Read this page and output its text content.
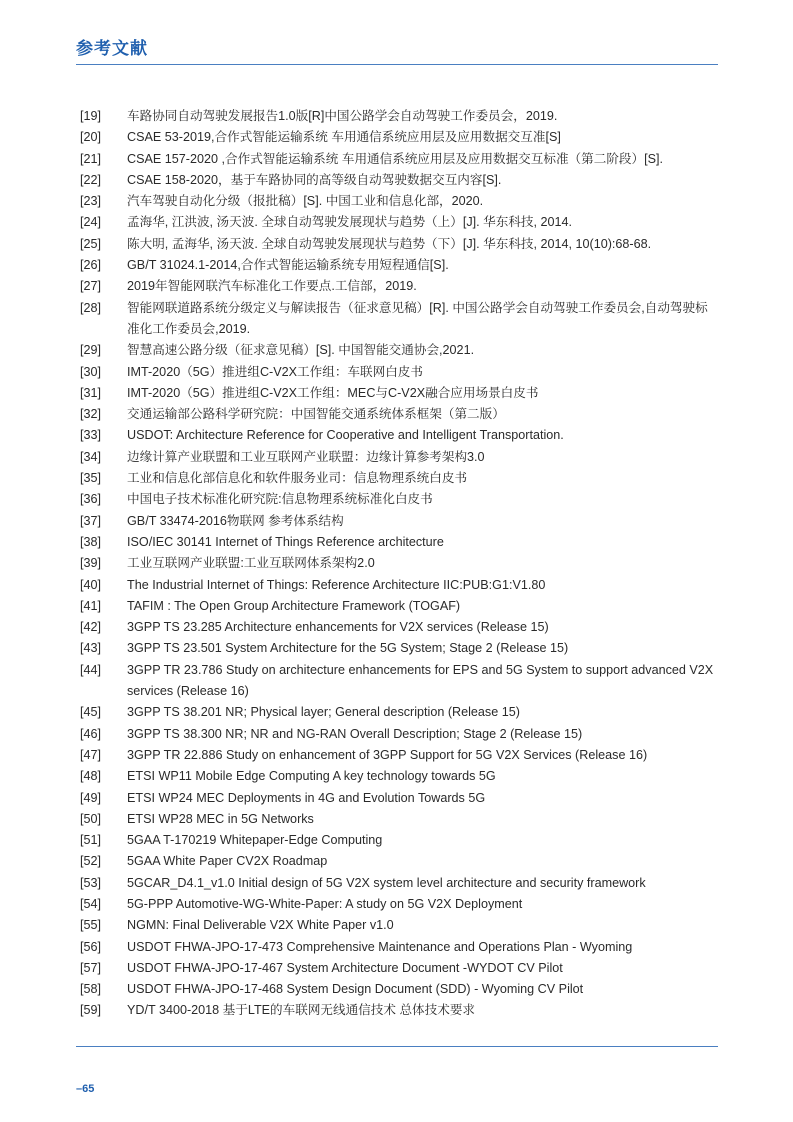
参考文献
[19]	车路协同自动驾驶发展报告1.0版[R]中国公路学会自动驾驶工作委员会，2019.
[20]	CSAE 53-2019,合作式智能运输系统 车用通信系统应用层及应用数据交互准[S]
[21]	CSAE 157-2020 ,合作式智能运输系统 车用通信系统应用层及应用数据交互标准（第二阶段）[S].
[22]	CSAE 158-2020，基于车路协同的高等级自动驾驶数据交互内容[S].
[23]	汽车驾驶自动化分级（报批稿）[S]. 中国工业和信息化部，2020.
[24]	孟海华, 江洪波, 汤天波. 全球自动驾驶发展现状与趋势（上）[J]. 华东科技, 2014.
[25]	陈大明, 孟海华, 汤天波. 全球自动驾驶发展现状与趋势（下）[J]. 华东科技, 2014, 10(10):68-68.
[26]	GB/T 31024.1-2014,合作式智能运输系统专用短程通信[S].
[27]	2019年智能网联汽车标准化工作要点.工信部，2019.
[28]	智能网联道路系统分级定义与解读报告（征求意见稿）[R]. 中国公路学会自动驾驶工作委员会,自动驾驶标准化工作委员会,2019.
[29]	智慧高速公路分级（征求意见稿）[S]. 中国智能交通协会,2021.
[30]	IMT-2020（5G）推进组C-V2X工作组：车联网白皮书
[31]	IMT-2020（5G）推进组C-V2X工作组：MEC与C-V2X融合应用场景白皮书
[32]	交通运输部公路科学研究院：中国智能交通系统体系框架（第二版）
[33]	USDOT: Architecture Reference for Cooperative and Intelligent Transportation.
[34]	边缘计算产业联盟和工业互联网产业联盟：边缘计算参考架构3.0
[35]	工业和信息化部信息化和软件服务业司：信息物理系统白皮书
[36]	中国电子技术标准化研究院:信息物理系统标准化白皮书
[37]	GB/T 33474-2016物联网 参考体系结构
[38]	ISO/IEC 30141 Internet of Things Reference architecture
[39]	工业互联网产业联盟:工业互联网体系架构2.0
[40]	The Industrial Internet of Things: Reference Architecture IIC:PUB:G1:V1.80
[41]	TAFIM : The Open Group Architecture Framework (TOGAF)
[42]	3GPP TS 23.285 Architecture enhancements for V2X services (Release 15)
[43]	3GPP TS 23.501 System Architecture for the 5G System; Stage 2 (Release 15)
[44]	3GPP TR 23.786 Study on architecture enhancements for EPS and 5G System to support advanced V2X services (Release 16)
[45]	3GPP TS 38.201 NR; Physical layer; General description (Release 15)
[46]	3GPP TS 38.300 NR; NR and NG-RAN Overall Description; Stage 2 (Release 15)
[47]	3GPP TR 22.886 Study on enhancement of 3GPP Support for 5G V2X Services (Release 16)
[48]	ETSI WP11 Mobile Edge Computing A key technology towards 5G
[49]	ETSI WP24 MEC Deployments in 4G and Evolution Towards 5G
[50]	ETSI WP28 MEC in 5G Networks
[51]	5GAA T-170219 Whitepaper-Edge Computing
[52]	5GAA White Paper CV2X Roadmap
[53]	5GCAR_D4.1_v1.0 Initial design of 5G V2X system level architecture and security framework
[54]	5G-PPP Automotive-WG-White-Paper: A study on 5G V2X Deployment
[55]	NGMN: Final Deliverable V2X White Paper v1.0
[56]	USDOT FHWA-JPO-17-473 Comprehensive Maintenance and Operations Plan - Wyoming
[57]	USDOT FHWA-JPO-17-467 System Architecture Document -WYDOT CV Pilot
[58]	USDOT FHWA-JPO-17-468 System Design Document (SDD) - Wyoming CV Pilot
[59]	YD/T 3400-2018 基于LTE的车联网无线通信技术 总体技术要求
–65
